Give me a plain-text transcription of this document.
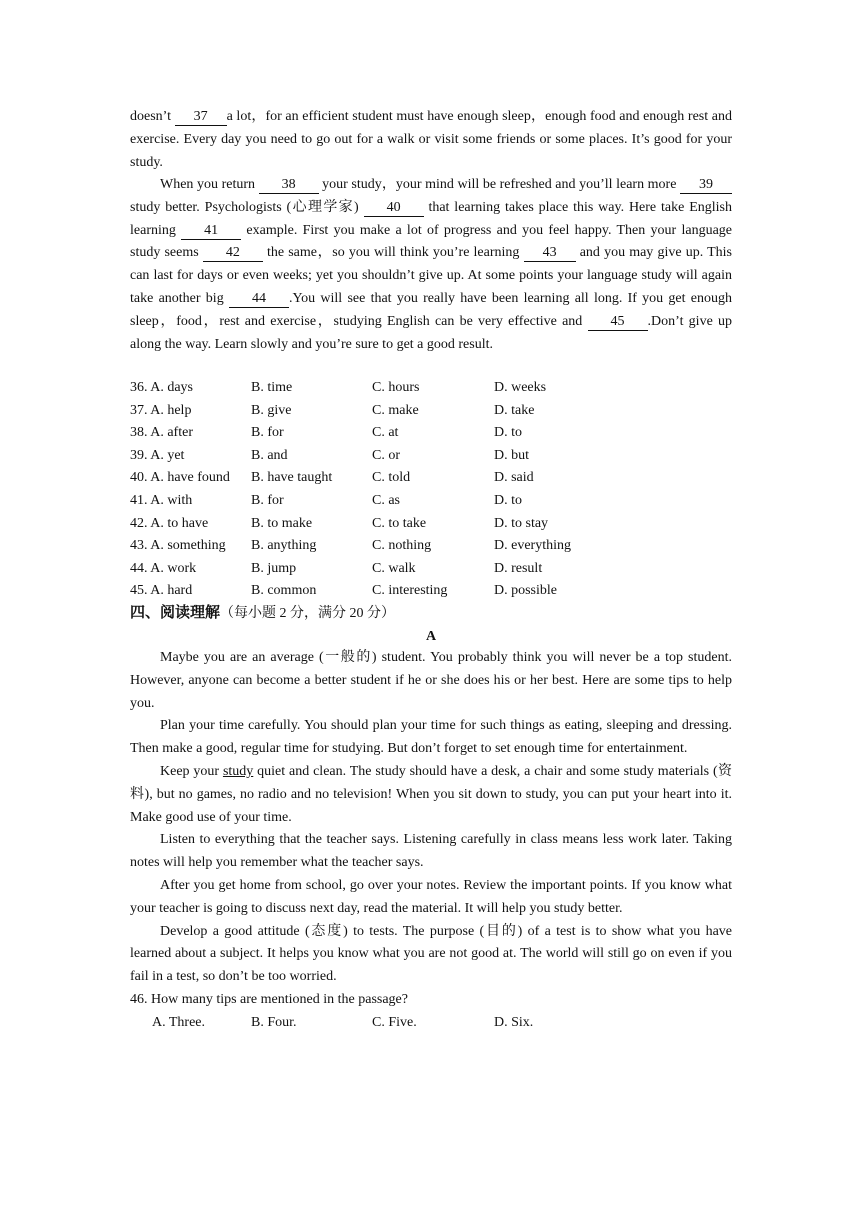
doesn’t 37 a lot，for an efficient student must have enough sleep，enough food and enough rest and exercise. Every day you need to go out for a walk or visit some friends or some places. It’s good for your study.

When you return 38 your study，your mind will be refreshed and you’ll learn more 39study better. Psychologists (心理学家) 40 that learning takes place this way. Here take English learning 41 example. First you make a lot of progress and you feel happy. Then your language study seems 42 the same，so you will think you’re learning 43 and you may give up. This can last for days or even weeks; yet you shouldn’t give up. At some points your language study will again take another big 44 .You will see that you really have been learning all long. If you get enough sleep，food，rest and exercise，studying English can be very effective and 45 .Don’t give up along the way. Learn slowly and you’re sure to get a good result.

36. A. days	B. time	C. hours	D. weeks
37. A. help	B. give	C. make	D. take
38. A. after	B. for	C. at	D. to
39. A. yet	B. and	C. or	D. but
40. A. have found B. have taught	C. told	D. said
41. A. with	B. for	C. as	D. to
42. A. to have	B. to make	C. to take	D. to stay
43. A. something B. anything	C. nothing	D. everything
44. A. work	B. jump	C. walk	D. result
45. A. hard	B. common	C. interesting	D. possible
四、阅读理解（每小题 2 分，满分 20 分）
A

Maybe you are an average (一般的) student. You probably think you will never be a top student. However, anyone can become a better student if he or she does his or her best. Here are some tips to help you.

Plan your time carefully. You should plan your time for such things as eating, sleeping and dressing. Then make a good, regular time for studying. But don’t forget to set enough time for entertainment.

Keep your study quiet and clean. The study should have a desk, a chair and some study materials (资料), but no games, no radio and no television! When you sit down to study, you can put your heart into it. Make good use of your time.

Listen to everything that the teacher says. Listening carefully in class means less work later. Taking notes will help you remember what the teacher says.

After you get home from school, go over your notes. Review the important points. If you know what your teacher is going to discuss next day, read the material. It will help you study better.

Develop a good attitude (态度) to tests. The purpose (目的) of a test is to show what you have learned about a subject. It helps you know what you are not good at. The world will still go on even if you fail in a test, so don’t be too worried.

46. How many tips are mentioned in the passage?

A. Three.	B. Four.	C. Five.	D. Six.
